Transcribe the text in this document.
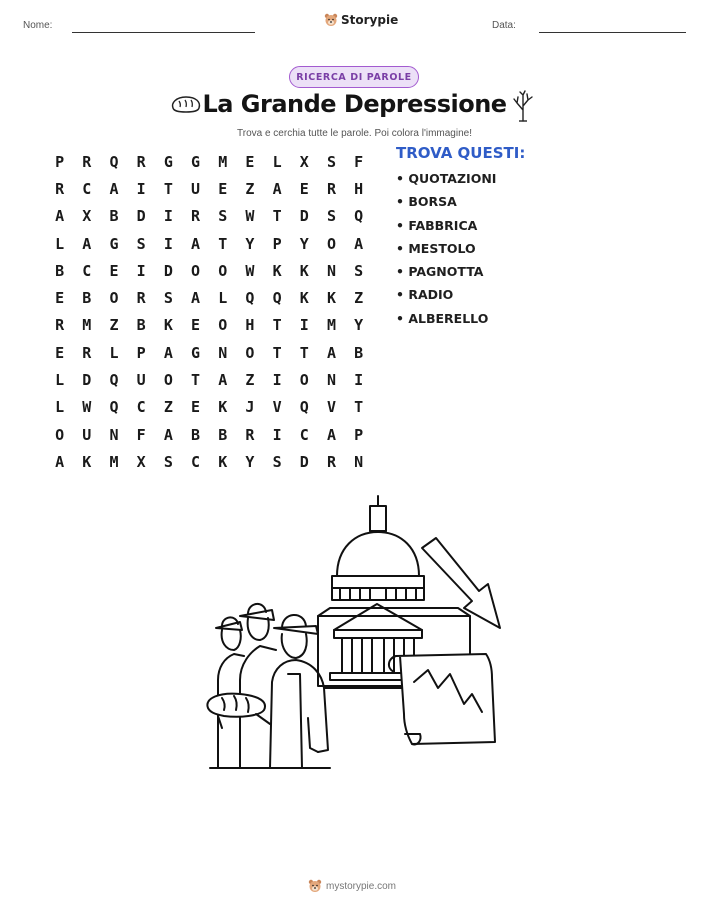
Nome:	Storypie	Data:
RICERCA DI PAROLE
La Grande Depressione
Trova e cerchia tutte le parole. Poi colora l'immagine!
P	R	Q	R	G	G	M	E	L	X	S	F
R	C	A	I	T	U	E	Z	A	E	R	H
A	X	B	D	I	R	S	W	T	D	S	Q
L	A	G	S	I	A	T	Y	P	Y	O	A
B	C	E	I	D	O	O	W	K	K	N	S
E	B	O	R	S	A	L	Q	Q	K	K	Z
R	M	Z	B	K	E	O	H	T	I	M	Y
E	R	L	P	A	G	N	O	T	T	A	B
L	D	Q	U	O	T	A	Z	I	O	N	I
L	W	Q	C	Z	E	K	J	V	Q	V	T
O	U	N	F	A	B	B	R	I	C	A	P
A	K	M	X	S	C	K	Y	S	D	R	N
TROVA QUESTI:
• QUOTAZIONI
• BORSA
• FABBRICA
• MESTOLO
• PAGNOTTA
• RADIO
• ALBERELLO
mystorypie.com
